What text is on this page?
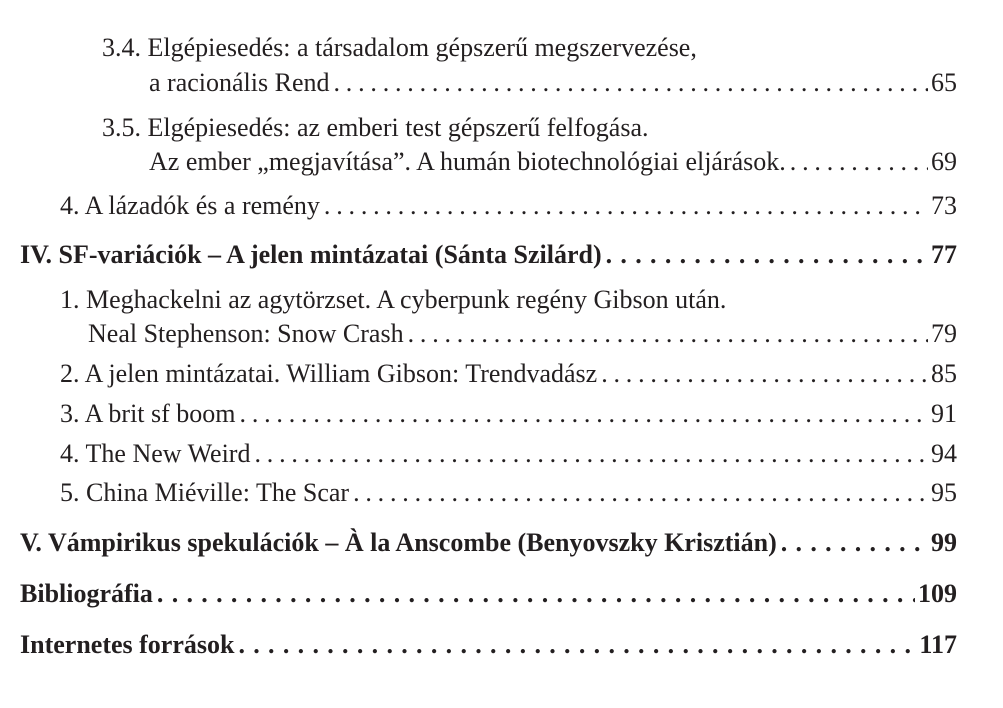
3.4. Elgépiesedés: a társadalom gépszerű megszervezése,
a racionális Rend . . .	65
3.5. Elgépiesedés: az emberi test gépszerű felfogása.
Az ember „megjavítása”. A humán biotechnológiai eljárások. . . .	69
4. A lázadók és a remény . . .	73
IV. SF-variációk – A jelen mintázatai (Sánta Szilárd) . . .	77
1. Meghackelni az agytörzset. A cyberpunk regény Gibson után.
Neal Stephenson: Snow Crash . . .	79
2. A jelen mintázatai. William Gibson: Trendvadász . . .	85
3. A brit sf boom . . .	91
4. The New Weird . . .	94
5. China Miéville: The Scar . . .	95
V. Vámpirikus spekulációk – À la Anscombe (Benyovszky Krisztián) . . .	99
Bibliográfia . . .	109
Internetes források . . .	117
